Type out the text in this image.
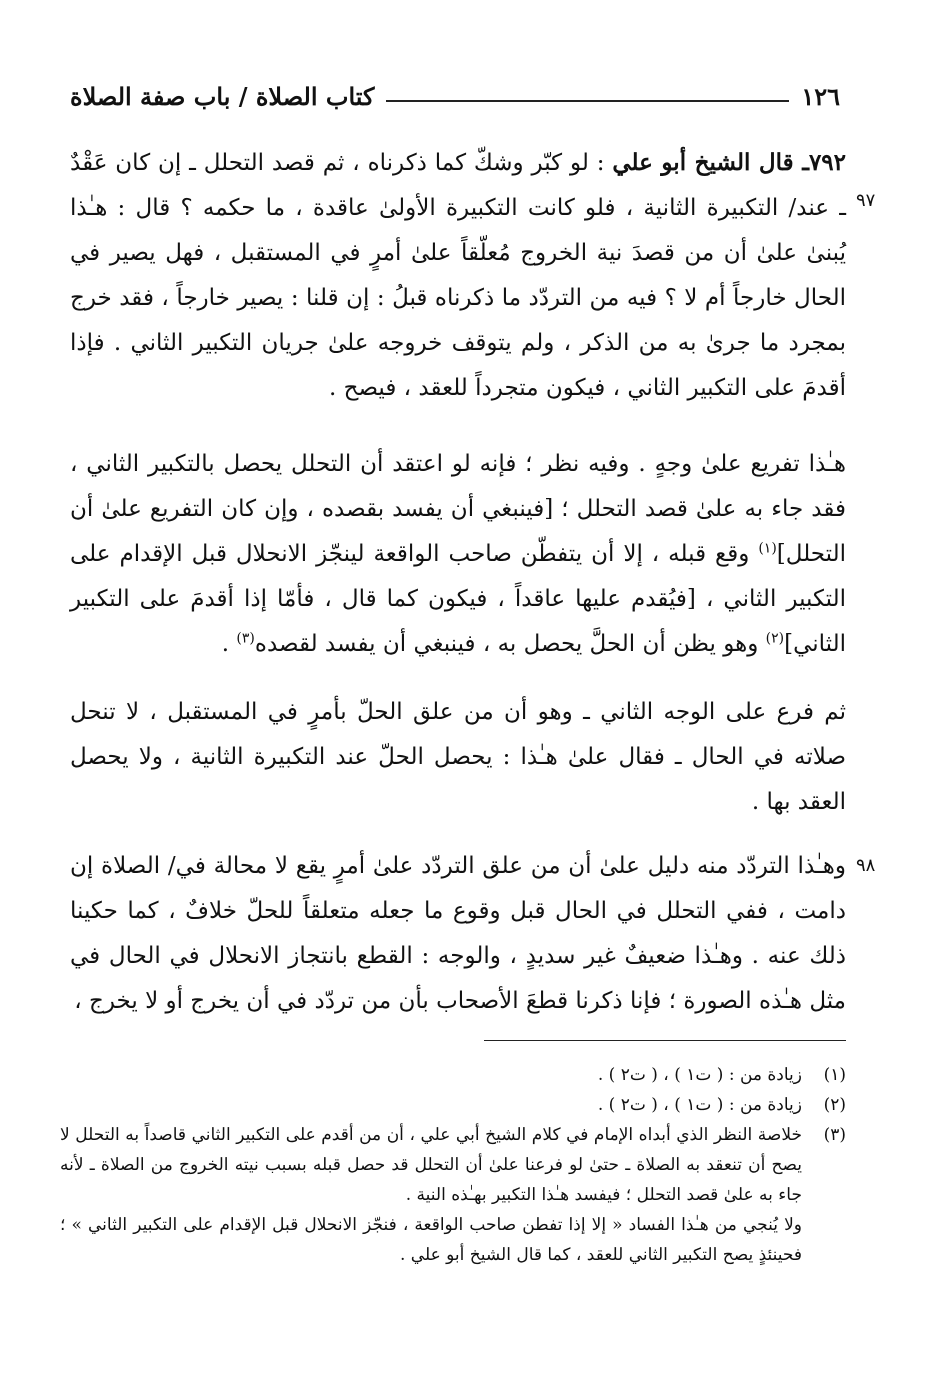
١٢٦
كتاب الصلاة / باب صفة الصلاة
٩٧
٩٨

٧٩٢ـ قال الشيخ أبو علي : لو كبّر وشكّ كما ذكرناه ، ثم قصد التحلل ـ إن كان عَقْدٌ ـ عند/ التكبيرة الثانية ، فلو كانت التكبيرة الأولىٰ عاقدة ، ما حكمه ؟ قال : هـٰذا يُبنىٰ علىٰ أن من قصدَ نية الخروج مُعلّقاً علىٰ أمرٍ في المستقبل ، فهل يصير في الحال خارجاً أم لا ؟ فيه من التردّد ما ذكرناه قبلُ : إن قلنا : يصير خارجاً ، فقد خرج بمجرد ما جرىٰ به من الذكر ، ولم يتوقف خروجه علىٰ جريان التكبير الثاني . فإذا أقدمَ على التكبير الثاني ، فيكون متجرداً للعقد ، فيصح .

هـٰذا تفريع علىٰ وجهٍ . وفيه نظر ؛ فإنه لو اعتقد أن التحلل يحصل بالتكبير الثاني ، فقد جاء به علىٰ قصد التحلل ؛ [فينبغي أن يفسد بقصده ، وإن كان التفريع علىٰ أن التحلل]$^{(١)}$ وقع قبله ، إلا أن يتفطّن صاحب الواقعة لينجّز الانحلال قبل الإقدام على التكبير الثاني ، [فيُقدم عليها عاقداً ، فيكون كما قال ، فأمّا إذا أقدمَ على التكبير الثاني]$^{(٢)}$ وهو يظن أن الحلَّ يحصل به ، فينبغي أن يفسد لقصده$^{(٣)}$ .

ثم فرع على الوجه الثاني ـ وهو أن من علق الحلّ بأمرٍ في المستقبل ، لا تنحل صلاته في الحال ـ فقال علىٰ هـٰذا : يحصل الحلّ عند التكبيرة الثانية ، ولا يحصل العقد بها .

وهـٰذا التردّد منه دليل علىٰ أن من علق التردّد علىٰ أمرٍ يقع لا محالة في/ الصلاة إن دامت ، ففي التحلل في الحال قبل وقوع ما جعله متعلقاً للحلّ خلافٌ ، كما حكينا ذلك عنه . وهـٰذا ضعيفٌ غير سديدٍ ، والوجه : القطع بانتجاز الانحلال في الحال في مثل هـٰذه الصورة ؛ فإنا ذكرنا قطعَ الأصحاب بأن من تردّد في أن يخرج أو لا يخرج ،

(١)
زيادة من : ( ت١ ) ، ( ت٢ ) .
(٢)
زيادة من : ( ت١ ) ، ( ت٢ ) .
(٣)
خلاصة النظر الذي أبداه الإمام في كلام الشيخ أبي علي ، أن من أقدم على التكبير الثاني قاصداً به التحلل لا يصح أن تنعقد به الصلاة ـ حتىٰ لو فرعنا علىٰ أن التحلل قد حصل قبله بسبب نيته الخروج من الصلاة ـ لأنه جاء به علىٰ قصد التحلل ؛ فيفسد هـٰذا التكبير بهـٰذه النية .
ولا يُنجي من هـٰذا الفساد « إلا إذا تفطن صاحب الواقعة ، فنجّز الانحلال قبل الإقدام على التكبير الثاني » ؛ فحينئذٍ يصح التكبير الثاني للعقد ، كما قال الشيخ أبو علي .
